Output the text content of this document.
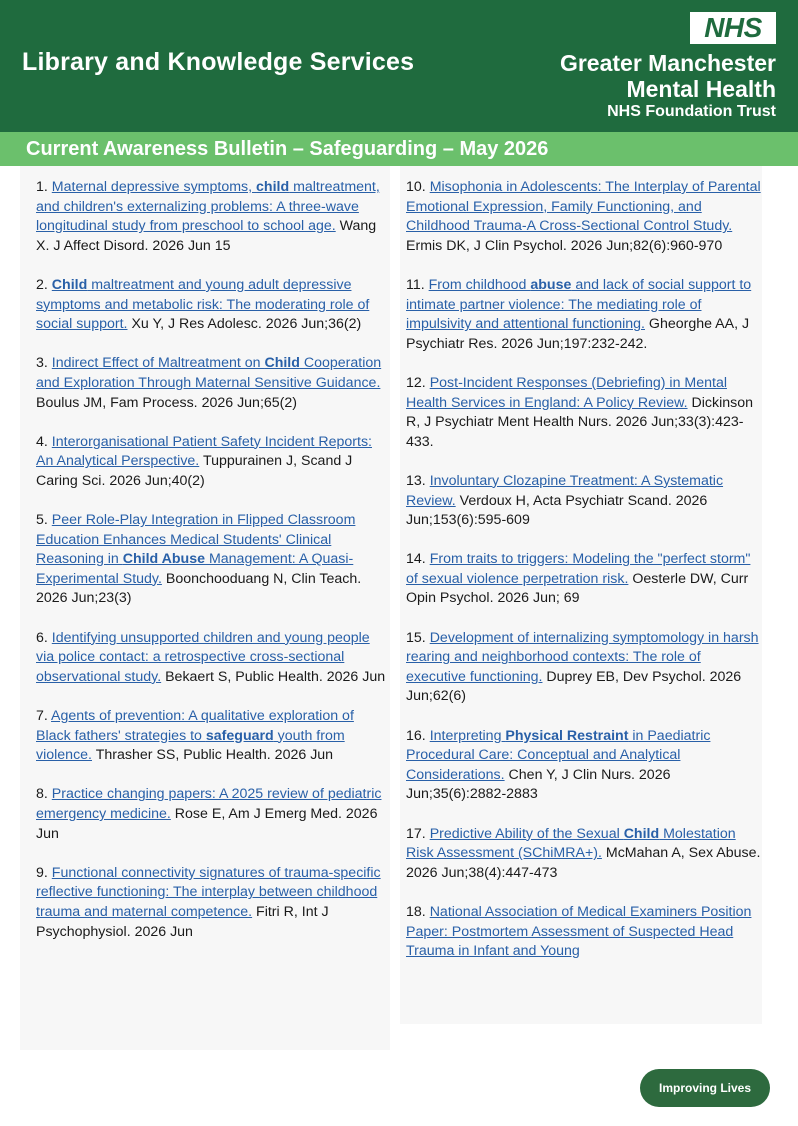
Library and Knowledge Services
NHS
Greater Manchester
Mental Health
NHS Foundation Trust
Current Awareness Bulletin – Safeguarding – May 2026

1. Maternal depressive symptoms, child maltreatment, and children's externalizing problems: A three-wave longitudinal study from preschool to school age. Wang X. J Affect Disord. 2026 Jun 15

2. Child maltreatment and young adult depressive symptoms and metabolic risk: The moderating role of social support. Xu Y, J Res Adolesc. 2026 Jun;36(2)

3. Indirect Effect of Maltreatment on Child Cooperation and Exploration Through Maternal Sensitive Guidance. Boulus JM, Fam Process. 2026 Jun;65(2)

4. Interorganisational Patient Safety Incident Reports: An Analytical Perspective. Tuppurainen J, Scand J Caring Sci. 2026 Jun;40(2)

5. Peer Role-Play Integration in Flipped Classroom Education Enhances Medical Students' Clinical Reasoning in Child Abuse Management: A Quasi-Experimental Study. Boonchooduang N, Clin Teach. 2026 Jun;23(3)

6. Identifying unsupported children and young people via police contact: a retrospective cross-sectional observational study. Bekaert S, Public Health. 2026 Jun

7. Agents of prevention: A qualitative exploration of Black fathers' strategies to safeguard youth from violence. Thrasher SS, Public Health. 2026 Jun

8. Practice changing papers: A 2025 review of pediatric emergency medicine. Rose E, Am J Emerg Med. 2026 Jun

9. Functional connectivity signatures of trauma-specific reflective functioning: The interplay between childhood trauma and maternal competence. Fitri R, Int J Psychophysiol. 2026 Jun

10. Misophonia in Adolescents: The Interplay of Parental Emotional Expression, Family Functioning, and Childhood Trauma-A Cross-Sectional Control Study. Ermis DK, J Clin Psychol. 2026 Jun;82(6):960-970

11. From childhood abuse and lack of social support to intimate partner violence: The mediating role of impulsivity and attentional functioning. Gheorghe AA, J Psychiatr Res. 2026 Jun;197:232-242.

12. Post-Incident Responses (Debriefing) in Mental Health Services in England: A Policy Review. Dickinson R, J Psychiatr Ment Health Nurs. 2026 Jun;33(3):423-433.

13. Involuntary Clozapine Treatment: A Systematic Review. Verdoux H, Acta Psychiatr Scand. 2026 Jun;153(6):595-609

14. From traits to triggers: Modeling the "perfect storm" of sexual violence perpetration risk. Oesterle DW, Curr Opin Psychol. 2026 Jun; 69

15. Development of internalizing symptomology in harsh rearing and neighborhood contexts: The role of executive functioning. Duprey EB, Dev Psychol. 2026 Jun;62(6)

16. Interpreting Physical Restraint in Paediatric Procedural Care: Conceptual and Analytical Considerations. Chen Y, J Clin Nurs. 2026 Jun;35(6):2882-2883

17. Predictive Ability of the Sexual Child Molestation Risk Assessment (SChiMRA+). McMahan A, Sex Abuse. 2026 Jun;38(4):447-473

18. National Association of Medical Examiners Position Paper: Postmortem Assessment of Suspected Head Trauma in Infant and Young

Improving Lives
